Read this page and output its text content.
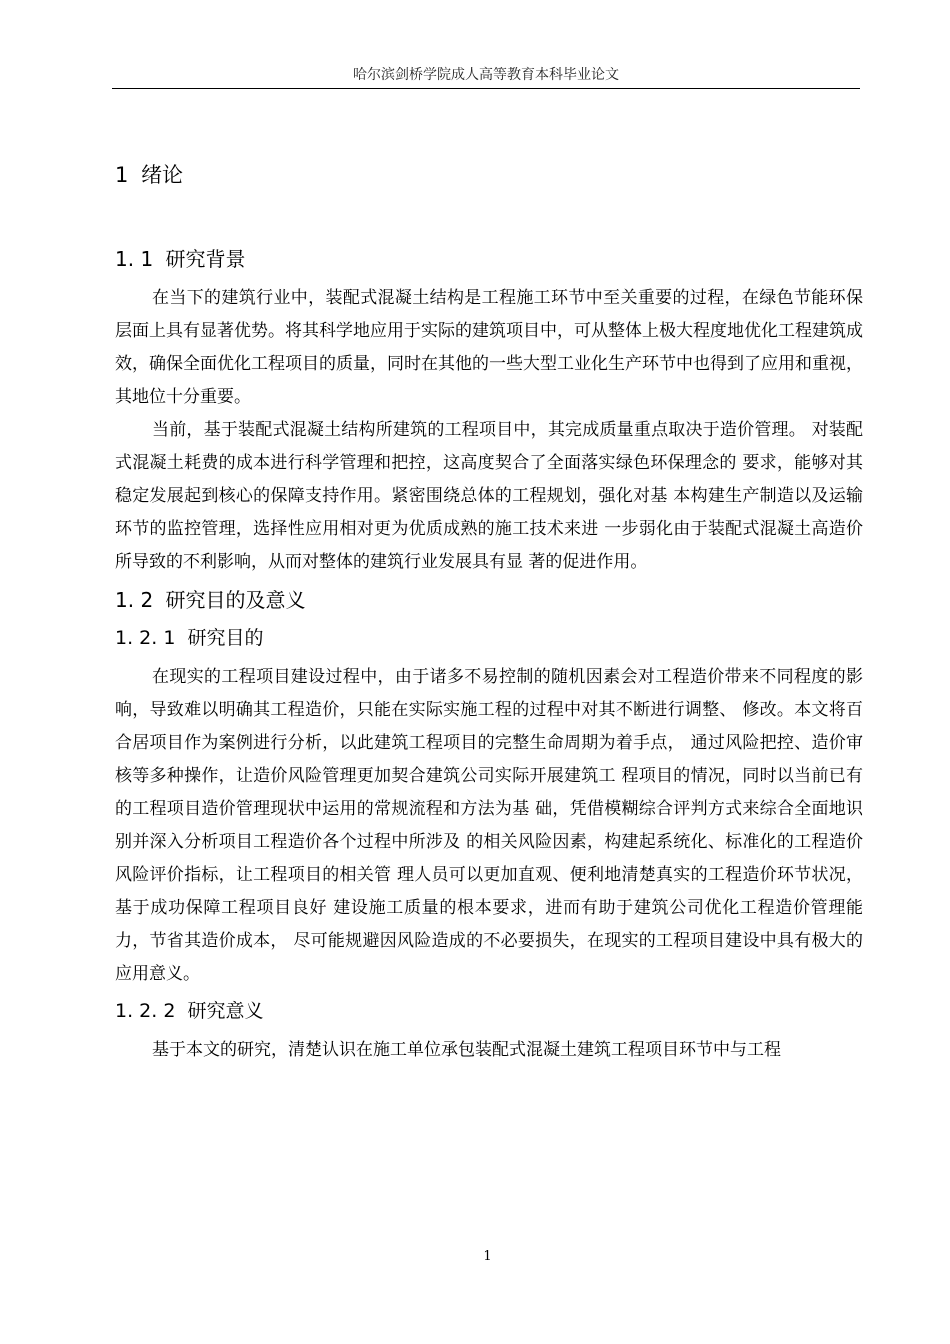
哈尔滨剑桥学院成人高等教育本科毕业论文
1 绪论
1. 1 研究背景

在当下的建筑行业中，装配式混凝土结构是工程施工环节中至关重要的过程，在绿色节能环保层面上具有显著优势。将其科学地应用于实际的建筑项目中，可从整体上极大程度地优化工程建筑成效，确保全面优化工程项目的质量，同时在其他的一些大型工业化生产环节中也得到了应用和重视，其地位十分重要。

当前，基于装配式混凝土结构所建筑的工程项目中，其完成质量重点取决于造价管理。 对装配式混凝土耗费的成本进行科学管理和把控，这高度契合了全面落实绿色环保理念的 要求，能够对其稳定发展起到核心的保障支持作用。紧密围绕总体的工程规划，强化对基 本构建生产制造以及运输环节的监控管理，选择性应用相对更为优质成熟的施工技术来进 一步弱化由于装配式混凝土高造价所导致的不利影响，从而对整体的建筑行业发展具有显 著的促进作用。

1. 2 研究目的及意义
1. 2. 1 研究目的

在现实的工程项目建设过程中，由于诸多不易控制的随机因素会对工程造价带来不同程度的影响，导致难以明确其工程造价，只能在实际实施工程的过程中对其不断进行调整、 修改。本文将百合居项目作为案例进行分析，以此建筑工程项目的完整生命周期为着手点， 通过风险把控、造价审核等多种操作，让造价风险管理更加契合建筑公司实际开展建筑工 程项目的情况，同时以当前已有的工程项目造价管理现状中运用的常规流程和方法为基 础，凭借模糊综合评判方式来综合全面地识别并深入分析项目工程造价各个过程中所涉及 的相关风险因素，构建起系统化、标准化的工程造价风险评价指标，让工程项目的相关管 理人员可以更加直观、便利地清楚真实的工程造价环节状况，基于成功保障工程项目良好 建设施工质量的根本要求，进而有助于建筑公司优化工程造价管理能力，节省其造价成本， 尽可能规避因风险造成的不必要损失，在现实的工程项目建设中具有极大的应用意义。

1. 2. 2 研究意义

基于本文的研究，清楚认识在施工单位承包装配式混凝土建筑工程项目环节中与工程

1
